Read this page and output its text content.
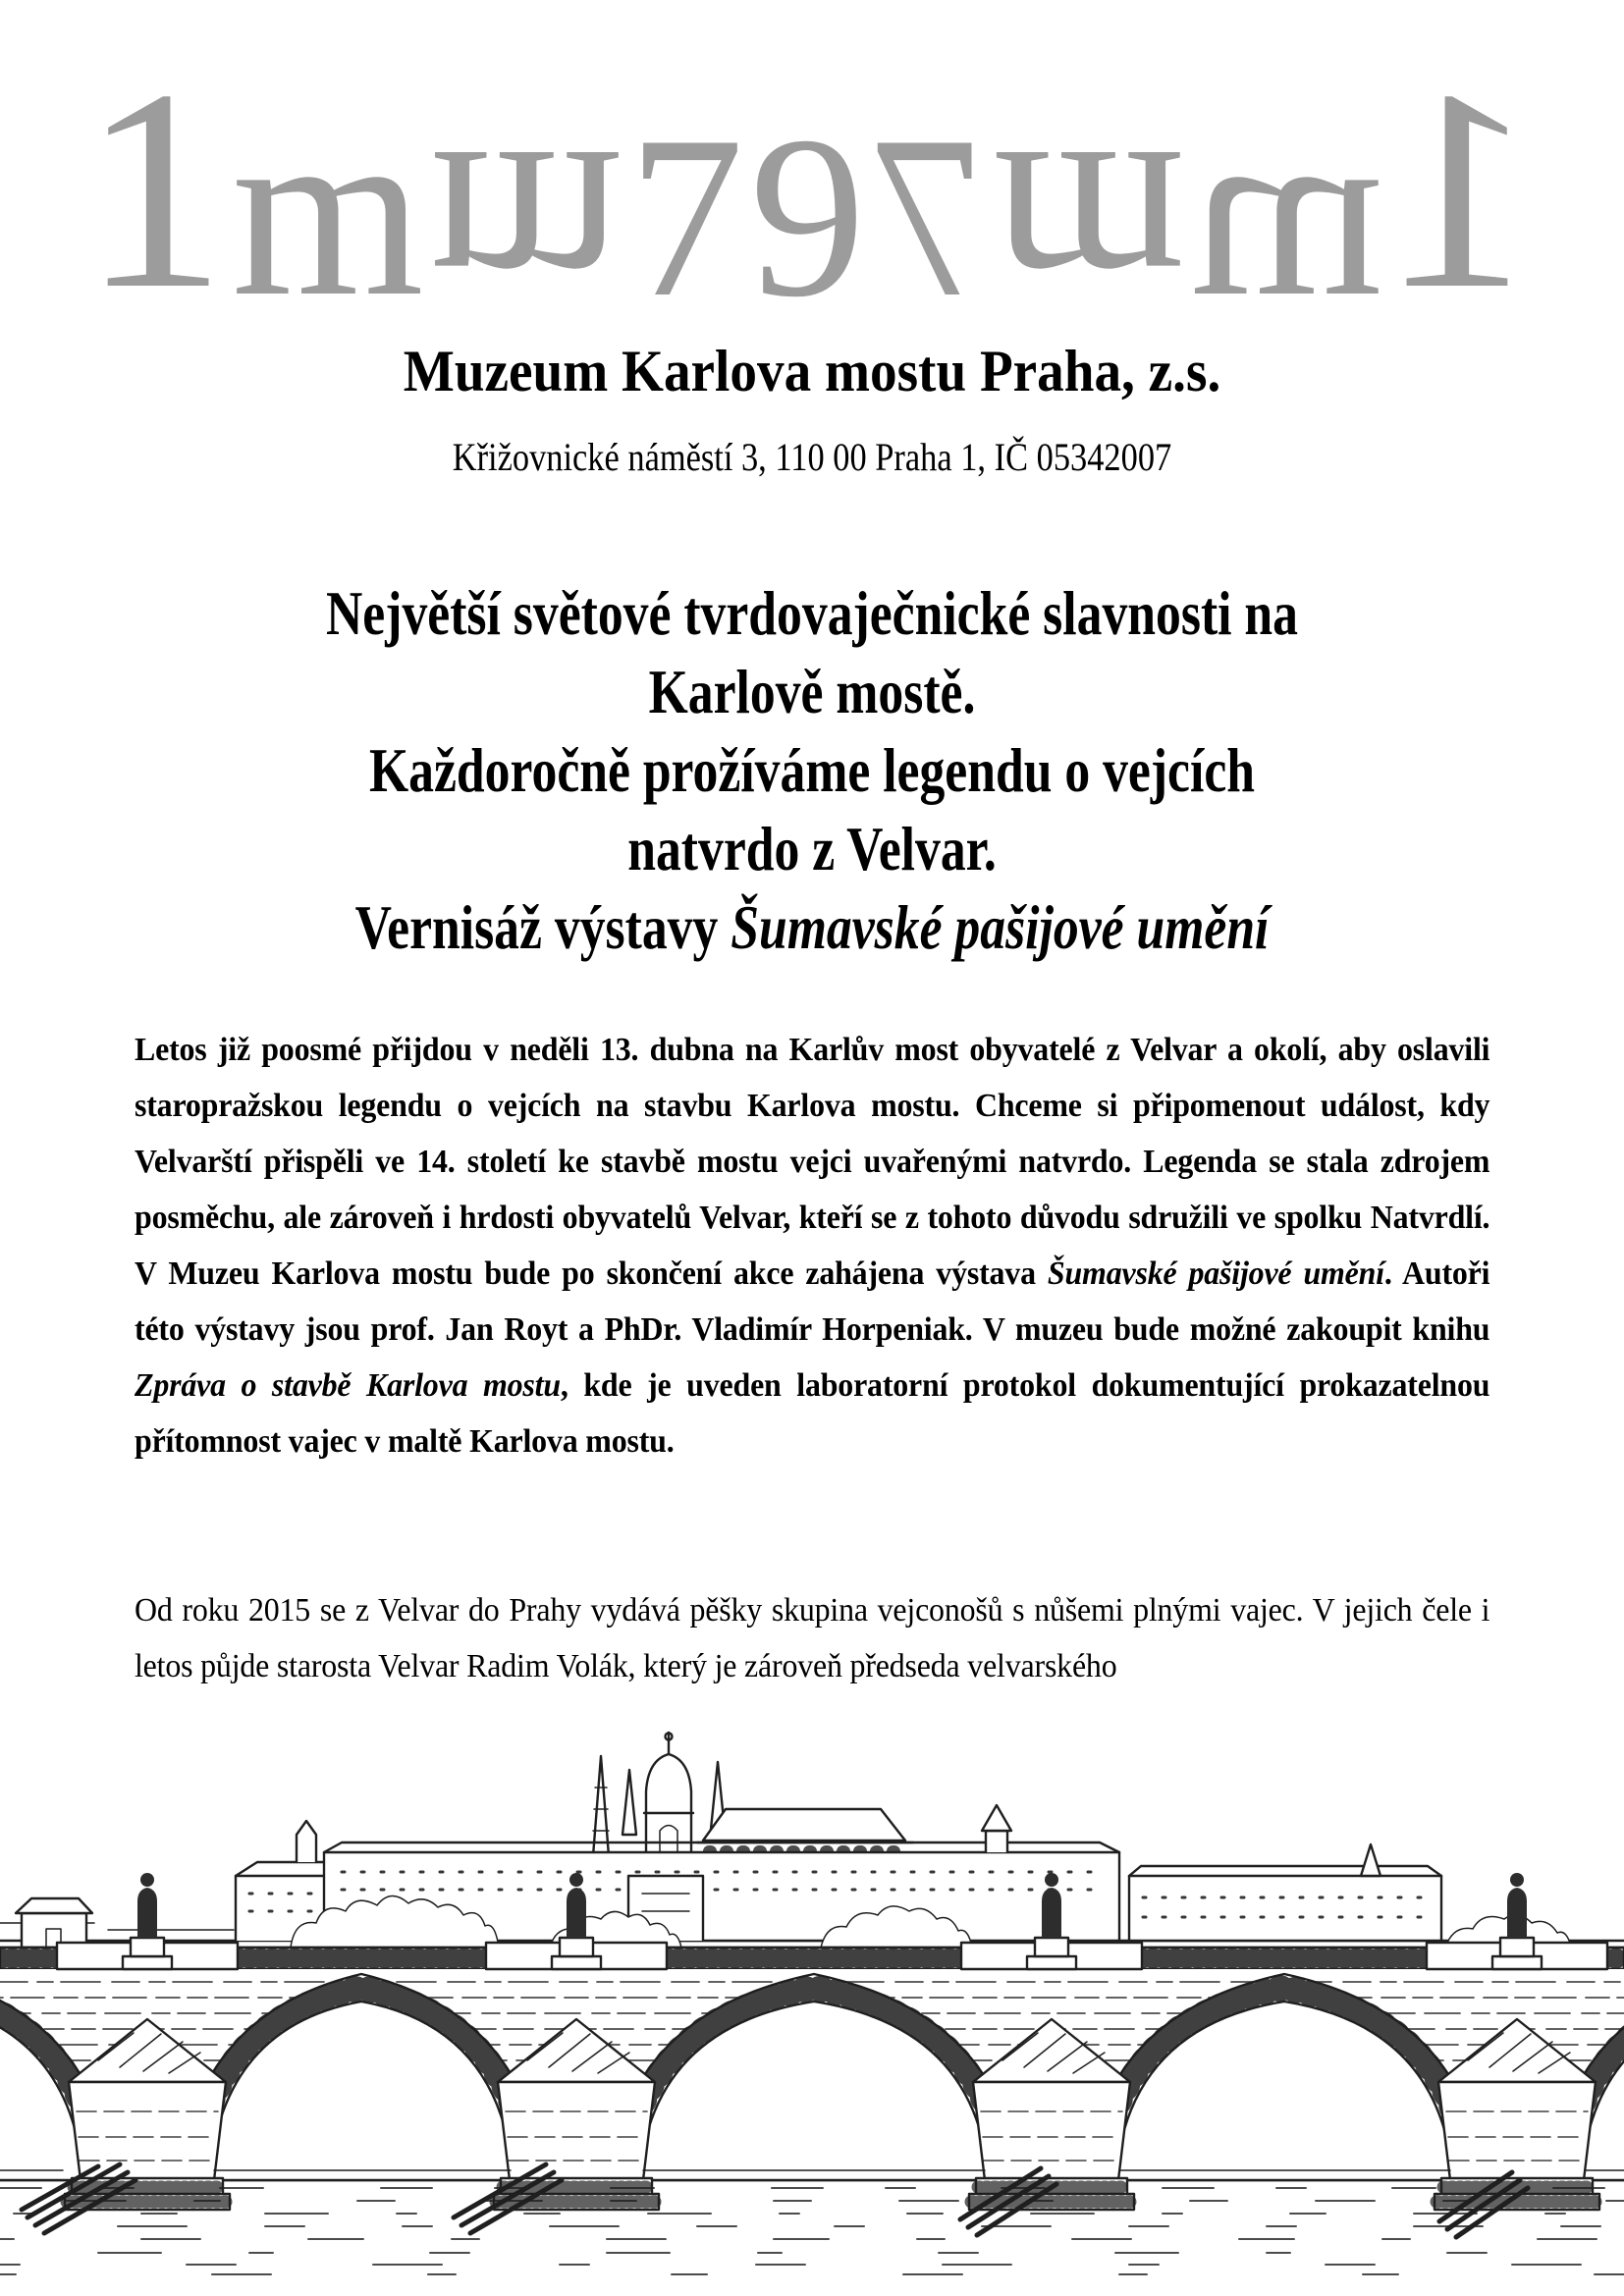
1 m m 7 9 7 m m 1
Muzeum Karlova mostu Praha, z.s.
Křižovnické náměstí 3, 110 00 Praha 1, IČ 05342007
Největší světové tvrdovaječnické slavnosti na
Karlově mostě.
Každoročně prožíváme legendu o vejcích
natvrdo z Velvar.
Vernisáž výstavy Šumavské pašijové umění
Letos již poosmé přijdou v neděli 13. dubna na Karlův most obyvatelé z Velvar a okolí, aby oslavili staropražskou legendu o vejcích na stavbu Karlova mostu. Chceme si připomenout událost, kdy Velvarští přispěli ve 14. století ke stavbě mostu vejci uvařenými natvrdo. Legenda se stala zdrojem posměchu, ale zároveň i hrdosti obyvatelů Velvar, kteří se z tohoto důvodu sdružili ve spolku Natvrdlí. V Muzeu Karlova mostu bude po skončení akce zahájena výstava Šumavské pašijové umění. Autoři této výstavy jsou prof. Jan Royt a PhDr. Vladimír Horpeniak. V muzeu bude možné zakoupit knihu Zpráva o stavbě Karlova mostu, kde je uveden laboratorní protokol dokumentující prokazatelnou přítomnost vajec v maltě Karlova mostu.
Od roku 2015 se z Velvar do Prahy vydává pěšky skupina vejconošů s nůšemi plnými vajec. V jejich čele i letos půjde starosta Velvar Radim Volák, který je zároveň předseda velvarského
